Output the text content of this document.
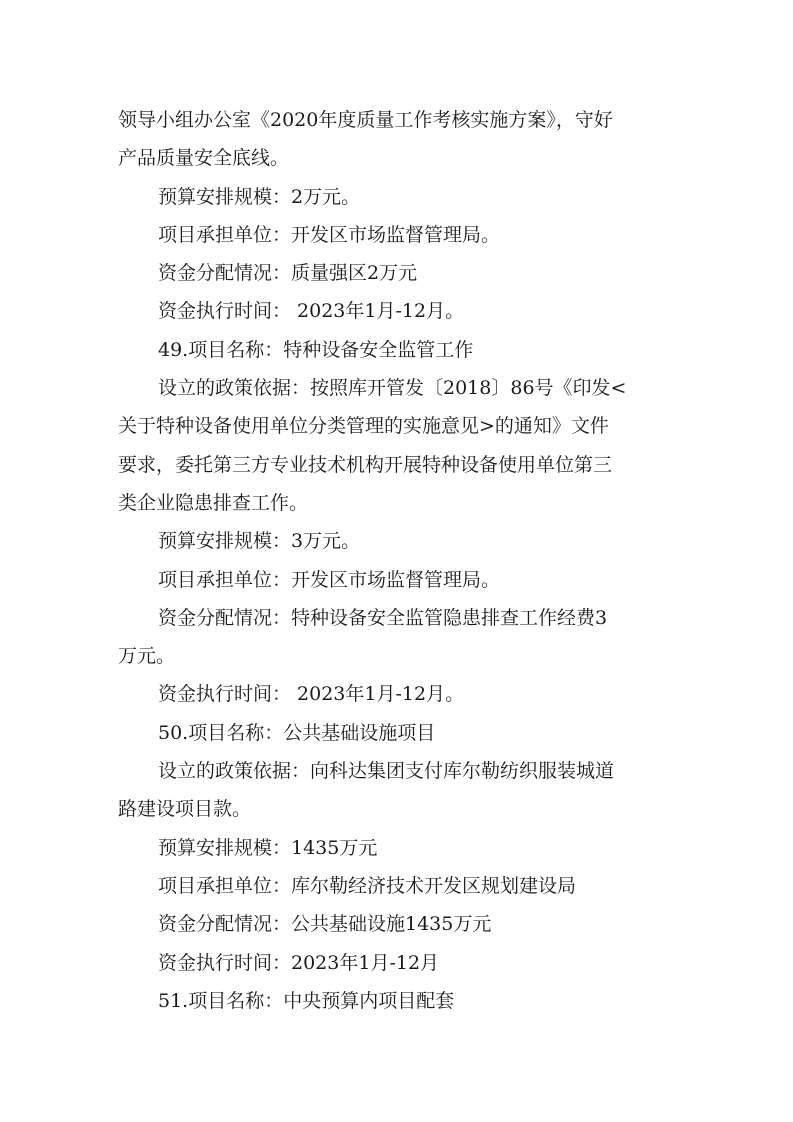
领导小组办公室《2020年度质量工作考核实施方案》，守好

产品质量安全底线。

预算安排规模：2万元。

项目承担单位：开发区市场监督管理局。

资金分配情况：质量强区2万元

资金执行时间： 2023年1月-12月。

49.项目名称：特种设备安全监管工作

设立的政策依据：按照库开管发〔2018〕86号《印发<

关于特种设备使用单位分类管理的实施意见>的通知》文件

要求，委托第三方专业技术机构开展特种设备使用单位第三

类企业隐患排查工作。

预算安排规模：3万元。

项目承担单位：开发区市场监督管理局。

资金分配情况：特种设备安全监管隐患排查工作经费3

万元。

资金执行时间： 2023年1月-12月。

50.项目名称：公共基础设施项目

设立的政策依据：向科达集团支付库尔勒纺织服装城道

路建设项目款。

预算安排规模：1435万元

项目承担单位：库尔勒经济技术开发区规划建设局

资金分配情况：公共基础设施1435万元

资金执行时间：2023年1月-12月

51.项目名称：中央预算内项目配套
